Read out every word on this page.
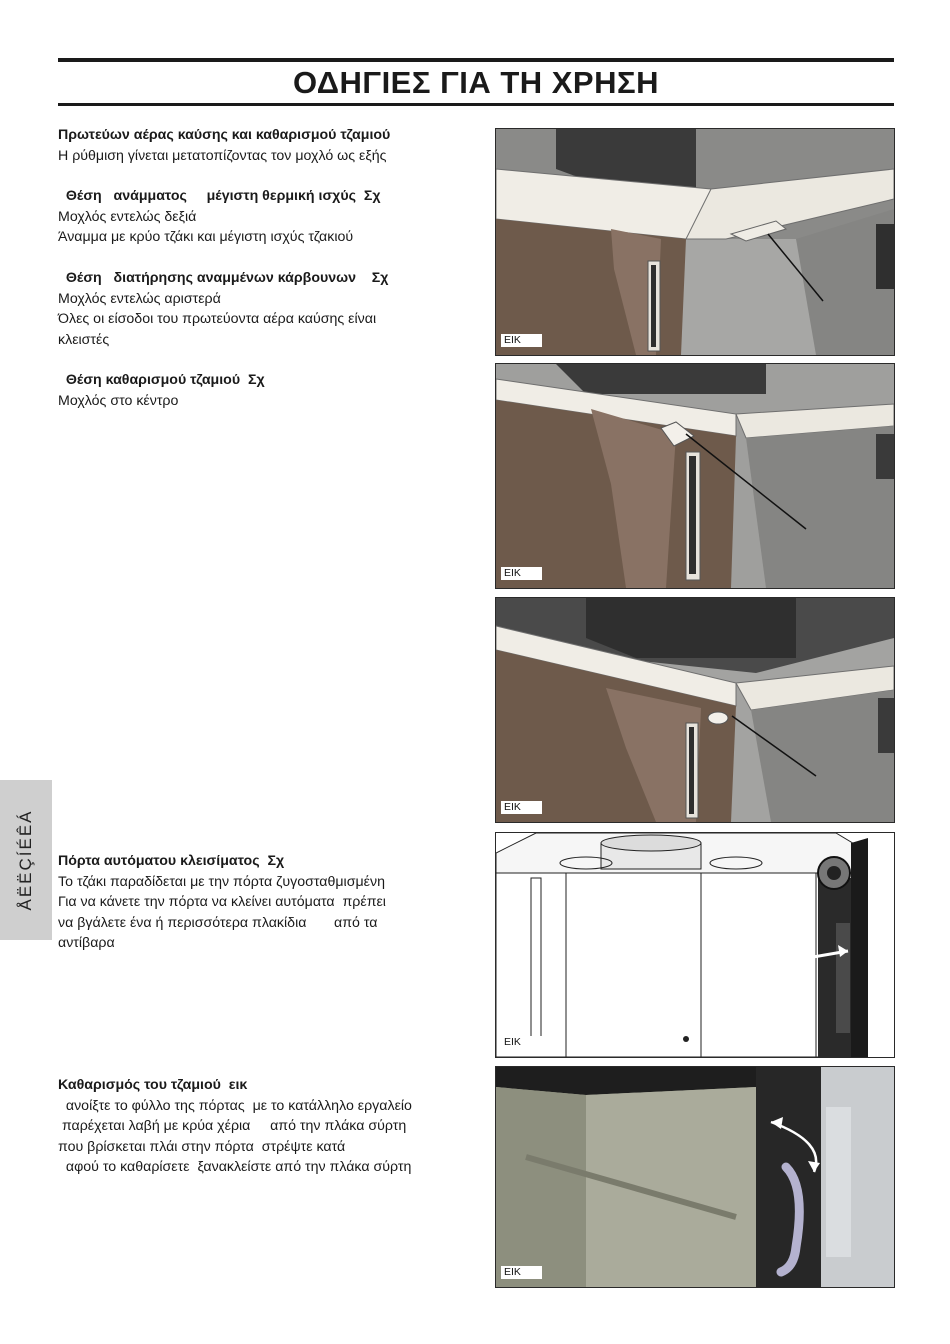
ΟΔΗΓΙΕΣ ΓΙΑ ΤΗ ΧΡΗΣΗ

Πρωτεύων αέρας καύσης και καθαρισμού τζαμιού

Η ρύθμιση γίνεται μετατοπίζοντας τον μοχλό ως εξής

Θέση   ανάμματος     μέγιστη θερμική ισχύς  Σχ

Μοχλός εντελώς δεξιά

Άναμμα με κρύο τζάκι και μέγιστη ισχύς τζακιού

Θέση   διατήρησης αναμμένων κάρβουνων    Σχ

Μοχλός εντελώς αριστερά

Όλες οι είσοδοι του πρωτεύοντα αέρα καύσης είναι

κλειστές

Θέση καθαρισμού τζαμιού  Σχ

Μοχλός στο κέντρο

Πόρτα αυτόματου κλεισίματος  Σχ

Το τζάκι παραδίδεται με την πόρτα ζυγοσταθμισμένη

Για να κάνετε την πόρτα να κλείνει αυτόματα  πρέπει

να βγάλετε ένα ή περισσότερα πλακίδια       από τα

αντίβαρα

Καθαρισμός του τζαμιού  εικ

ανοίξτε το φύλλο της πόρτας  με το κατάλληλο εργαλείο

παρέχεται λαβή με κρύα χέρια     από την πλάκα σύρτη

που βρίσκεται πλάι στην πόρτα  στρέψτε κατά

αφού το καθαρίσετε  ξανακλείστε από την πλάκα σύρτη

ÅËËÇÍÉÊÁ
ΕΙΚ
ΕΙΚ
ΕΙΚ
ΕΙΚ
ΕΙΚ
